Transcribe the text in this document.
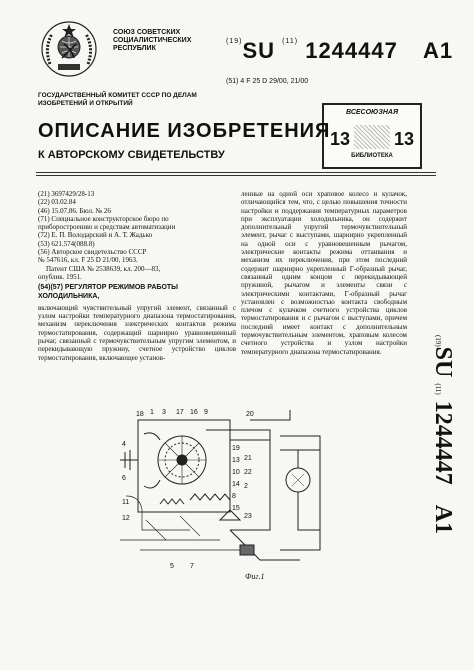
СОЮЗ СОВЕТСКИХ СОЦИАЛИСТИЧЕСКИХ РЕСПУБЛИК
$^{(19)}$SU $^{(11)}$ 1244447 A1
(51) 4 F 25 D 29/00, 21/00
ГОСУДАРСТВЕННЫЙ КОМИТЕТ СССР ПО ДЕЛАМ ИЗОБРЕТЕНИЙ И ОТКРЫТИЙ
ВСЕСОЮЗНАЯ
13 13
БИБЛИОТЕКА
ОПИСАНИЕ ИЗОБРЕТЕНИЯ
К АВТОРСКОМУ СВИДЕТЕЛЬСТВУ
(21) 3697429/28-13
(22) 03.02.84
(46) 15.07.86. Бюл. № 26
(71) Специальное конструкторское бюро по
приборостроению и средствам автоматизации
(72) Е. П. Володарский и А. Т. Жадько
(53) 621.574(088.8)
(56) Авторское свидетельство СССР
№ 547616, кл. F 25 D 21/00, 1963.
Патент США № 2538639, кл. 200—83,
опублик. 1951.
(54)(57) РЕГУЛЯТОР РЕЖИМОВ РАБОТЫ ХОЛОДИЛЬНИКА,
включающий чувствительный упругий элемент, связанный с узлом настройки температурного диапазона термостатирования, механизм переключения электрических контактов режима термостатирования, содержащий шарнирно уравновешенный рычаг, связанный с термочувствительным упругим элементом, и перекидывающую пружину, счетное устройство циклов термостатирования, включающее установ-
ленные на одной оси храповое колесо и кулачок, отличающийся тем, что, с целью повышения точности настройки и поддержания температурных параметров при эксплуатации холодильника, он содержит дополнительный упругий термочувствительный элемент, рычаг с выступами, шарнирно укрепленный на одной оси с уравновешенным рычагом, электрические контакты режима оттаивания и механизм их переключения, при этом последний содержит шарнирно укрепленный Г-образный рычаг, связанный одним концом с перекидывающей пружиной, рычагом и элементы связи с электрическими контактами, Г-образный рычаг установлен с возможностью контакта свободным плечом с кулачком счетного устройства циклов термостатирования и с рычагом с выступами, причем последний имеет контакт с дополнительным термочувствительным элементом, храповым колесом счетного устройства и узлом настройки температурного диапазона термостатирования.
(19)SU (11) 1244447 A1
18 1 3 17 16 9	20
4
6
19
13
10
14
11
12
8
15
21
22
2
23
7
5
Фиг.1
